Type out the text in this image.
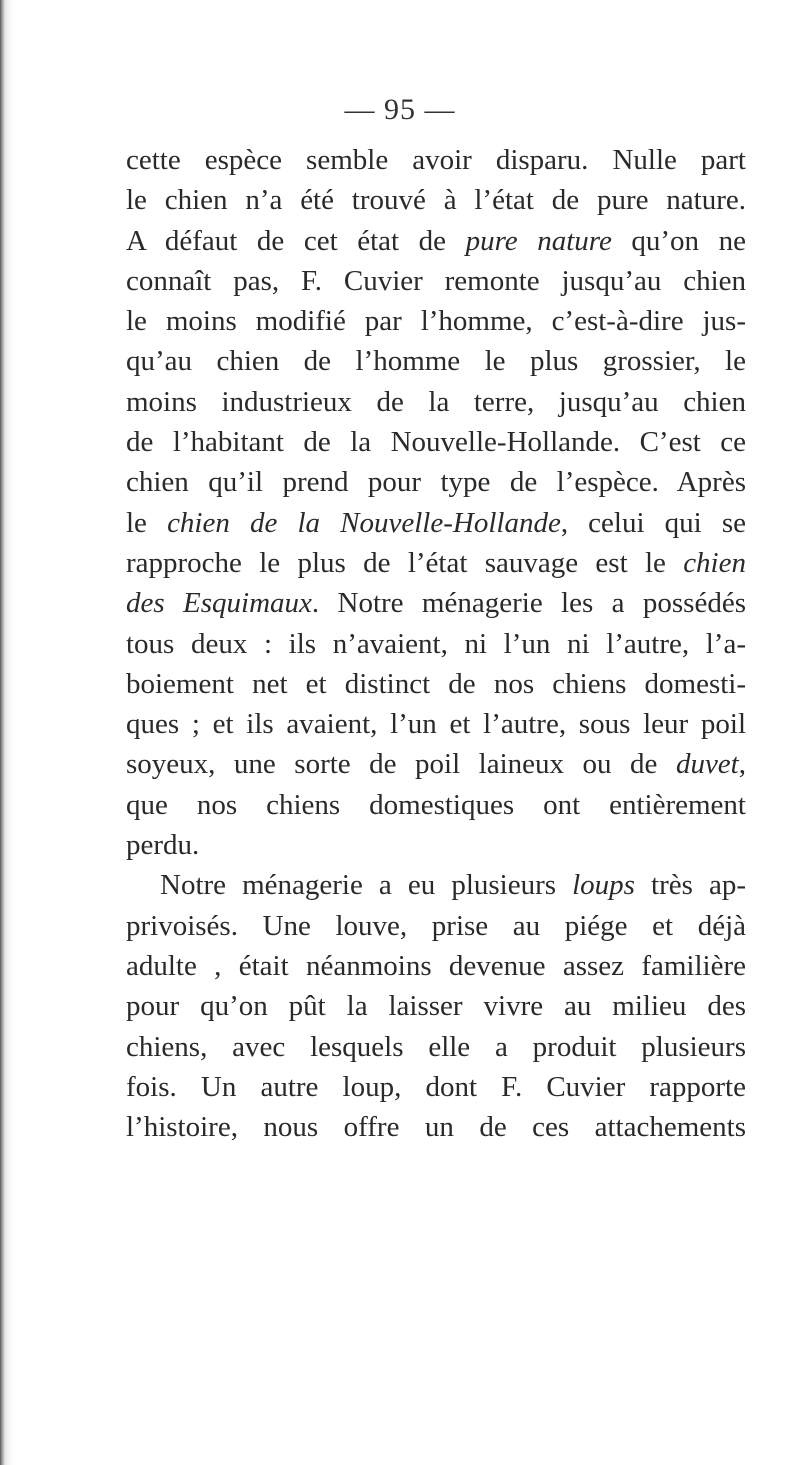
— 95 —
cette espèce semble avoir disparu. Nulle part
le chien n’a été trouvé à l’état de pure nature.
A défaut de cet état de pure nature qu’on ne
connaît pas, F. Cuvier remonte jusqu’au chien
le moins modifié par l’homme, c’est-à-dire jus-
qu’au chien de l’homme le plus grossier, le
moins industrieux de la terre, jusqu’au chien
de l’habitant de la Nouvelle-Hollande. C’est ce
chien qu’il prend pour type de l’espèce. Après
le chien de la Nouvelle-Hollande, celui qui se
rapproche le plus de l’état sauvage est le chien
des Esquimaux. Notre ménagerie les a possédés
tous deux : ils n’avaient, ni l’un ni l’autre, l’a-
boiement net et distinct de nos chiens domesti-
ques ; et ils avaient, l’un et l’autre, sous leur poil
soyeux, une sorte de poil laineux ou de duvet,
que nos chiens domestiques ont entièrement
perdu.
Notre ménagerie a eu plusieurs loups très ap-
privoisés. Une louve, prise au piége et déjà
adulte , était néanmoins devenue assez familière
pour qu’on pût la laisser vivre au milieu des
chiens, avec lesquels elle a produit plusieurs
fois. Un autre loup, dont F. Cuvier rapporte
l’histoire, nous offre un de ces attachements
